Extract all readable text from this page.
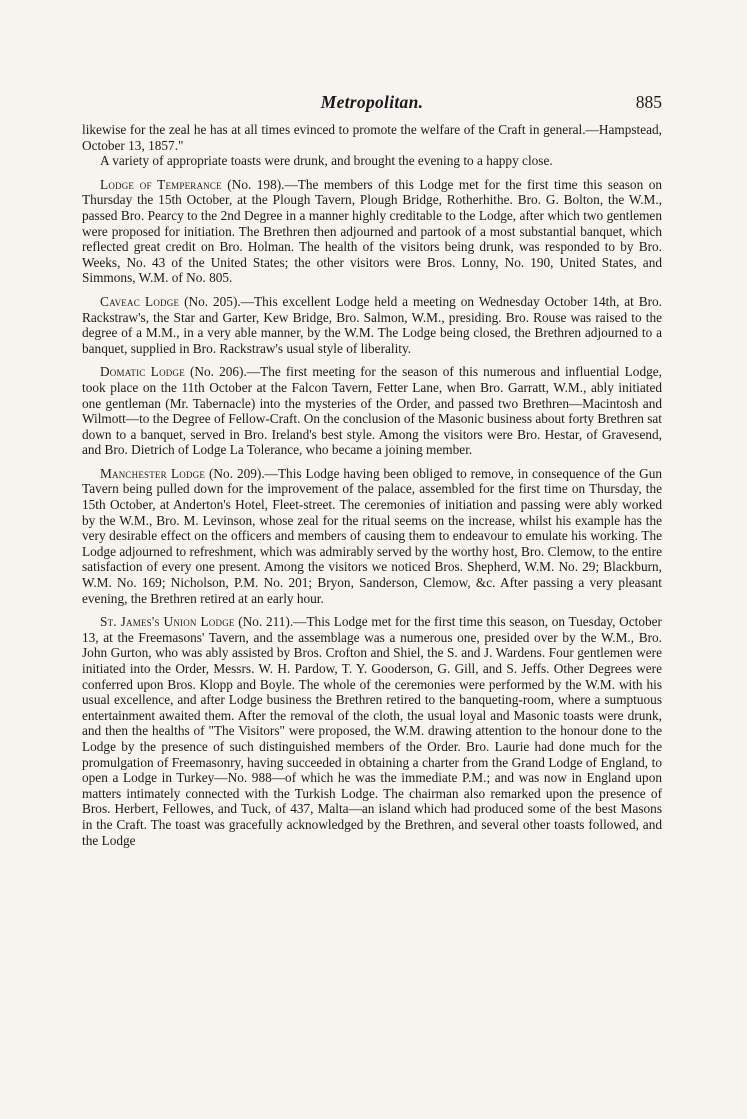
Metropolitan.	885

likewise for the zeal he has at all times evinced to promote the welfare of the Craft in general.—Hampstead, October 13, 1857."

A variety of appropriate toasts were drunk, and brought the evening to a happy close.

Lodge of Temperance (No. 198).—The members of this Lodge met for the first time this season on Thursday the 15th October, at the Plough Tavern, Plough Bridge, Rotherhithe. Bro. G. Bolton, the W.M., passed Bro. Pearcy to the 2nd Degree in a manner highly creditable to the Lodge, after which two gentlemen were proposed for initiation. The Brethren then adjourned and partook of a most substantial banquet, which reflected great credit on Bro. Holman. The health of the visitors being drunk, was responded to by Bro. Weeks, No. 43 of the United States; the other visitors were Bros. Lonny, No. 190, United States, and Simmons, W.M. of No. 805.

Caveac Lodge (No. 205).—This excellent Lodge held a meeting on Wednesday October 14th, at Bro. Rackstraw's, the Star and Garter, Kew Bridge, Bro. Salmon, W.M., presiding. Bro. Rouse was raised to the degree of a M.M., in a very able manner, by the W.M. The Lodge being closed, the Brethren adjourned to a banquet, supplied in Bro. Rackstraw's usual style of liberality.

Domatic Lodge (No. 206).—The first meeting for the season of this numerous and influential Lodge, took place on the 11th October at the Falcon Tavern, Fetter Lane, when Bro. Garratt, W.M., ably initiated one gentleman (Mr. Tabernacle) into the mysteries of the Order, and passed two Brethren—Macintosh and Wilmott—to the Degree of Fellow-Craft. On the conclusion of the Masonic business about forty Brethren sat down to a banquet, served in Bro. Ireland's best style. Among the visitors were Bro. Hestar, of Gravesend, and Bro. Dietrich of Lodge La Tolerance, who became a joining member.

Manchester Lodge (No. 209).—This Lodge having been obliged to remove, in consequence of the Gun Tavern being pulled down for the improvement of the palace, assembled for the first time on Thursday, the 15th October, at Anderton's Hotel, Fleet-street. The ceremonies of initiation and passing were ably worked by the W.M., Bro. M. Levinson, whose zeal for the ritual seems on the increase, whilst his example has the very desirable effect on the officers and members of causing them to endeavour to emulate his working. The Lodge adjourned to refreshment, which was admirably served by the worthy host, Bro. Clemow, to the entire satisfaction of every one present. Among the visitors we noticed Bros. Shepherd, W.M. No. 29; Blackburn, W.M. No. 169; Nicholson, P.M. No. 201; Bryon, Sanderson, Clemow, &c. After passing a very pleasant evening, the Brethren retired at an early hour.

St. James's Union Lodge (No. 211).—This Lodge met for the first time this season, on Tuesday, October 13, at the Freemasons' Tavern, and the assemblage was a numerous one, presided over by the W.M., Bro. John Gurton, who was ably assisted by Bros. Crofton and Shiel, the S. and J. Wardens. Four gentlemen were initiated into the Order, Messrs. W. H. Pardow, T. Y. Gooderson, G. Gill, and S. Jeffs. Other Degrees were conferred upon Bros. Klopp and Boyle. The whole of the ceremonies were performed by the W.M. with his usual excellence, and after Lodge business the Brethren retired to the banqueting-room, where a sumptuous entertainment awaited them. After the removal of the cloth, the usual loyal and Masonic toasts were drunk, and then the healths of "The Visitors" were proposed, the W.M. drawing attention to the honour done to the Lodge by the presence of such distinguished members of the Order. Bro. Laurie had done much for the promulgation of Freemasonry, having succeeded in obtaining a charter from the Grand Lodge of England, to open a Lodge in Turkey—No. 988—of which he was the immediate P.M.; and was now in England upon matters intimately connected with the Turkish Lodge. The chairman also remarked upon the presence of Bros. Herbert, Fellowes, and Tuck, of 437, Malta—an island which had produced some of the best Masons in the Craft. The toast was gracefully acknowledged by the Brethren, and several other toasts followed, and the Lodge
